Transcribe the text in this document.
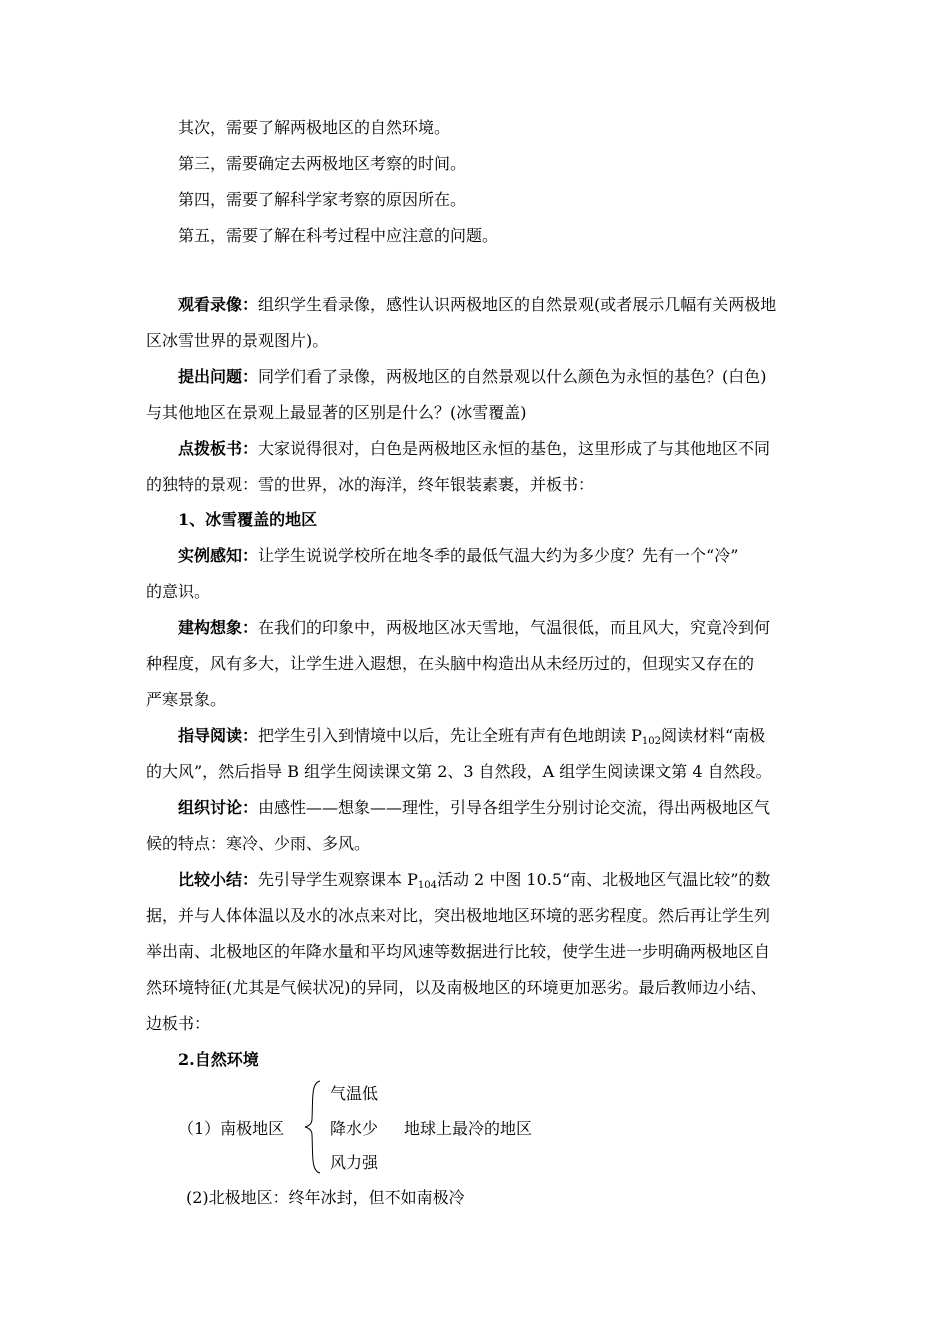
其次，需要了解两极地区的自然环境。
第三，需要确定去两极地区考察的时间。
第四，需要了解科学家考察的原因所在。
第五，需要了解在科考过程中应注意的问题。
观看录像：组织学生看录像，感性认识两极地区的自然景观(或者展示几幅有关两极地
区冰雪世界的景观图片)。
提出问题：同学们看了录像，两极地区的自然景观以什么颜色为永恒的基色？(白色)
与其他地区在景观上最显著的区别是什么？(冰雪覆盖)
点拨板书：大家说得很对，白色是两极地区永恒的基色，这里形成了与其他地区不同
的独特的景观：雪的世界，冰的海洋，终年银装素裹，并板书：
1、冰雪覆盖的地区
实例感知：让学生说说学校所在地冬季的最低气温大约为多少度？先有一个“冷”
的意识。
建构想象：在我们的印象中，两极地区冰天雪地，气温很低，而且风大，究竟冷到何
种程度，风有多大，让学生进入遐想，在头脑中构造出从未经历过的，但现实又存在的
严寒景象。
指导阅读：把学生引入到情境中以后，先让全班有声有色地朗读 $P_{102}$阅读材料“南极
的大风”，然后指导 B 组学生阅读课文第 2、3 自然段，A 组学生阅读课文第 4 自然段。
组织讨论：由感性——想象——理性，引导各组学生分别讨论交流，得出两极地区气
候的特点：寒冷、少雨、多风。
比较小结：先引导学生观察课本 $P_{104}$活动 2 中图 10.5“南、北极地区气温比较”的数
据，并与人体体温以及水的冰点来对比，突出极地地区环境的恶劣程度。然后再让学生列
举出南、北极地区的年降水量和平均风速等数据进行比较，使学生进一步明确两极地区自
然环境特征(尤其是气候状况)的异同，以及南极地区的环境更加恶劣。最后教师边小结、
边板书：
2.自然环境
（1）南极地区
气温低
降水少 地球上最冷的地区
风力强
(2)北极地区：终年冰封，但不如南极冷
